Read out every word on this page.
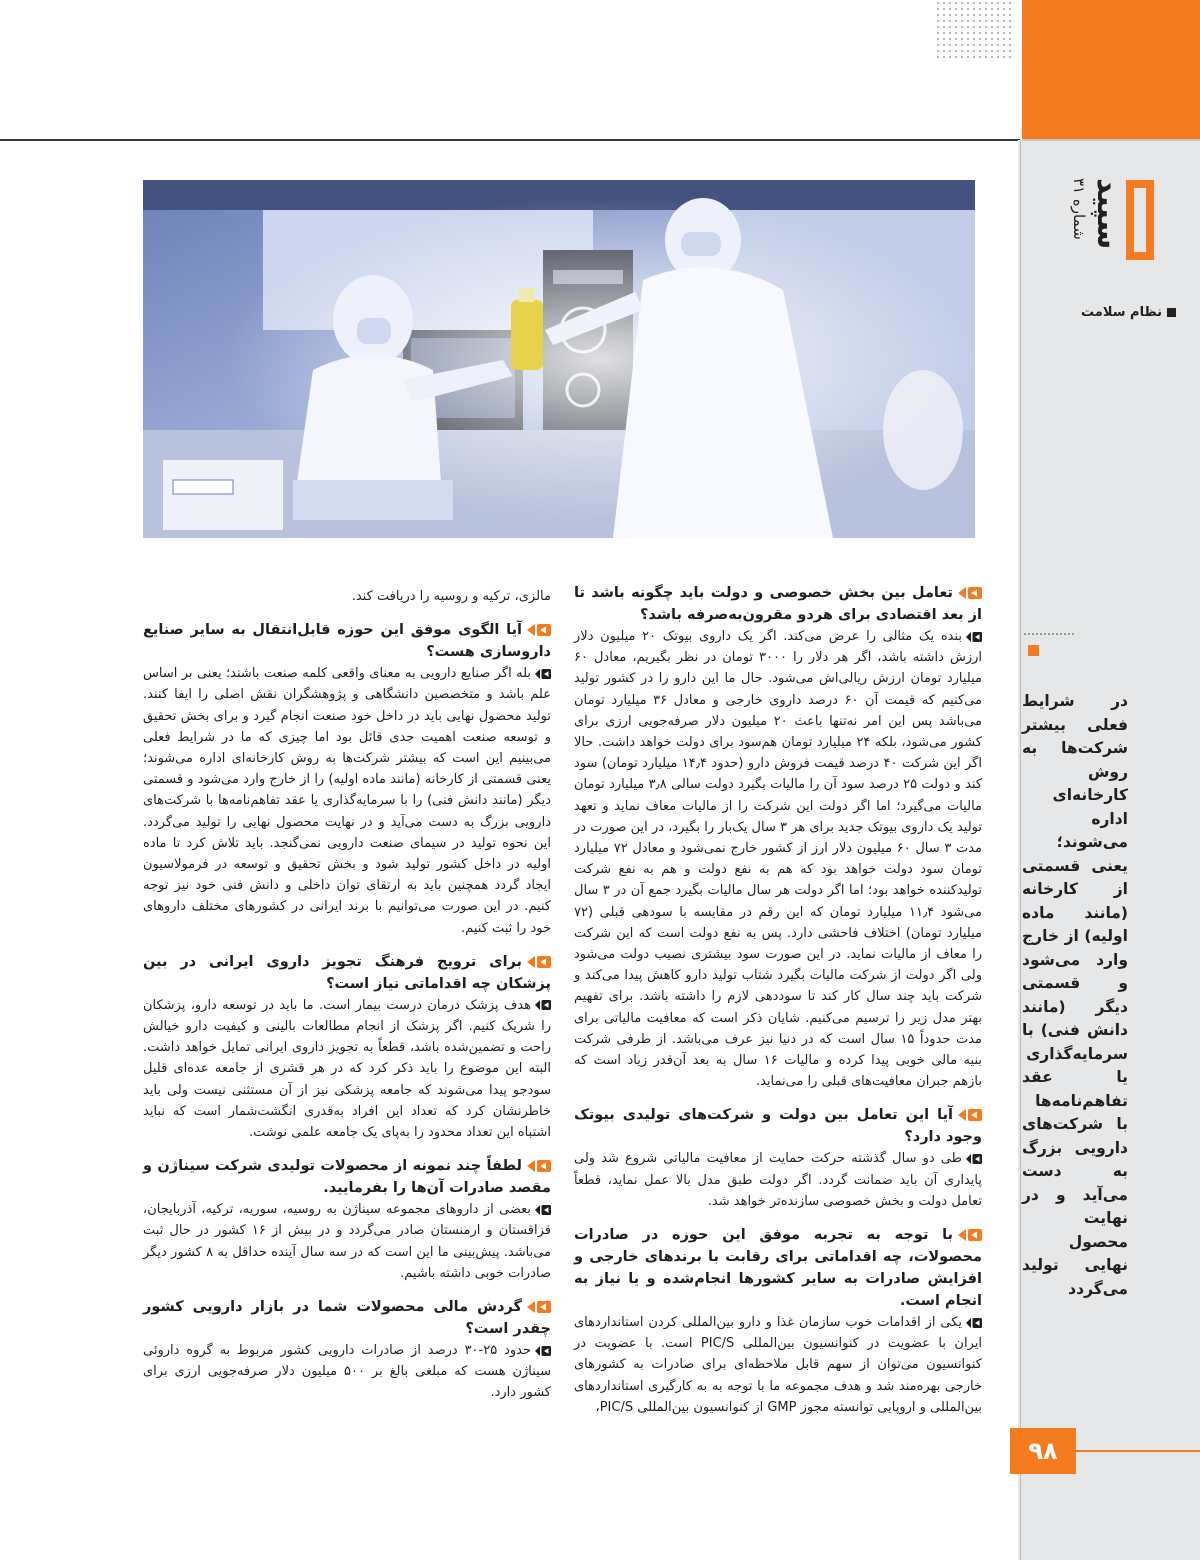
سپید
شماره ۳۱
نظام سلامت
در شرایط فعلی بیشتر شرکت‌ها به روش کارخانه‌ای اداره می‌شوند؛ یعنی قسمتی از کارخانه (مانند ماده اولیه) از خارج وارد می‌شود و قسمتی دیگر (مانند دانش فنی) با سرمایه‌گذاری یا عقد تفاهم‌نامه‌ها با شرکت‌های دارویی بزرگ به دست می‌آید و در نهایت محصول نهایی تولید می‌گردد
تعامل بین بخش خصوصی و دولت باید چگونه باشد تا از بعد اقتصادی برای هردو مقرون‌به‌صرفه باشد؟

بنده یک مثالی را عرض می‌کند. اگر یک داروی بیوتک ۲۰ میلیون دلار ارزش داشته باشد، اگر هر دلار را ۳۰۰۰ تومان در نظر بگیریم، معادل ۶۰ میلیارد تومان ارزش ریالی‌اش می‌شود. حال ما این دارو را در کشور تولید می‌کنیم که قیمت آن ۶۰ درصد داروی خارجی و معادل ۳۶ میلیارد تومان می‌باشد پس این امر نه‌تنها باعث ۲۰ میلیون دلار صرفه‌جویی ارزی برای کشور می‌شود، بلکه ۲۴ میلیارد تومان هم‌سود برای دولت خواهد داشت. حالا اگر این شرکت ۴۰ درصد قیمت فروش دارو (حدود ۱۴٫۴ میلیارد تومان) سود کند و دولت ۲۵ درصد سود آن را مالیات بگیرد دولت سالی ۳٫۸ میلیارد تومان مالیات می‌گیرد؛ اما اگر دولت این شرکت را از مالیات معاف نماید و تعهد تولید یک داروی بیوتک جدید برای هر ۳ سال یک‌بار را بگیرد، در این صورت در مدت ۳ سال ۶۰ میلیون دلار ارز از کشور خارج نمی‌شود و معادل ۷۲ میلیارد تومان سود دولت خواهد بود که هم به نفع دولت و هم به نفع شرکت تولیدکننده خواهد بود؛ اما اگر دولت هر سال مالیات بگیرد جمع آن در ۳ سال می‌شود ۱۱٫۴ میلیارد تومان که این رقم در مقایسه با سودهی قبلی (۷۲ میلیارد تومان) اختلاف فاحشی دارد. پس به نفع دولت است که این شرکت را معاف از مالیات نماید. در این صورت سود بیشتری نصیب دولت می‌شود ولی اگر دولت از شرکت مالیات بگیرد شتاب تولید دارو کاهش پیدا می‌کند و شرکت باید چند سال کار کند تا سوددهی لازم را داشته باشد. برای تفهیم بهتر مدل زیر را ترسیم می‌کنیم. شایان ذکر است که معافیت مالیاتی برای مدت حدوداً ۱۵ سال است که در دنیا نیز عرف می‌باشد. از طرفی شرکت بنیه مالی خوبی پیدا کرده و مالیات ۱۶ سال به بعد آن‌قدر زیاد است که بازهم جبران معافیت‌های قبلی را می‌نماید.

آیا این تعامل بین دولت و شرکت‌های تولیدی بیوتک وجود دارد؟

طی دو سال گذشته حرکت حمایت از معافیت مالیاتی شروع شد ولی پایداری آن باید ضمانت گردد. اگر دولت طبق مدل بالا عمل نماید، قطعاً تعامل دولت و بخش خصوصی سازنده‌تر خواهد شد.

با توجه به تجربه موفق این حوزه در صادرات محصولات، چه اقداماتی برای رقابت با برندهای خارجی و افزایش صادرات به سایر کشورها انجام‌شده و یا نیاز به انجام است.

یکی از اقدامات خوب سازمان غذا و دارو بین‌المللی کردن استانداردهای ایران با عضویت در کنوانسیون بین‌المللی PIC/S است. با عضویت در کنوانسیون می‌توان از سهم قابل ملاحظه‌ای برای صادرات به کشورهای خارجی بهره‌مند شد و هدف مجموعه ما با توجه به به کارگیری استانداردهای بین‌المللی و اروپایی توانسته مجوز GMP از کنوانسیون بین‌المللی PIC/S،

مالزی، ترکیه و روسیه را دریافت کند.

آیا الگوی موفق این حوزه قابل‌انتقال به سایر صنایع داروسازی هست؟

بله اگر صنایع دارویی به معنای واقعی کلمه صنعت باشند؛ یعنی بر اساس علم باشد و متخصصین دانشگاهی و پژوهشگران نقش اصلی را ایفا کنند. تولید محصول نهایی باید در داخل خود صنعت انجام گیرد و برای بخش تحقیق و توسعه صنعت اهمیت جدی قائل بود اما چیزی که ما در شرایط فعلی می‌بینیم این است که بیشتر شرکت‌ها به روش کارخانه‌ای اداره می‌شوند؛ یعنی قسمتی از کارخانه (مانند ماده اولیه) را از خارج وارد می‌شود و قسمتی دیگر (مانند دانش فنی) را با سرمایه‌گذاری یا عقد تفاهم‌نامه‌ها با شرکت‌های دارویی بزرگ به دست می‌آید و در نهایت محصول نهایی را تولید می‌گردد. این نحوه تولید در سیمای صنعت دارویی نمی‌گنجد. باید تلاش کرد تا ماده اولیه در داخل کشور تولید شود و بخش تحقیق و توسعه در فرمولاسیون ایجاد گردد همچنین باید به ارتقای توان داخلی و دانش فنی خود نیز توجه کنیم. در این صورت می‌توانیم با برند ایرانی در کشورهای مختلف داروهای خود را ثبت کنیم.

برای ترویج فرهنگ تجویز داروی ایرانی در بین پزشکان چه اقداماتی نیاز است؟

هدف پزشک درمان درست بیمار است. ما باید در توسعه دارو، پزشکان را شریک کنیم. اگر پزشک از انجام مطالعات بالینی و کیفیت دارو خیالش راحت و تضمین‌شده باشد، قطعاً به تجویز داروی ایرانی تمایل خواهد داشت. البته این موضوع را باید ذکر کرد که در هر قشری از جامعه عده‌ای قلیل سودجو پیدا می‌شوند که جامعه پزشکی نیز از آن مستثنی نیست ولی باید خاطرنشان کرد که تعداد این افراد به‌قدری انگشت‌شمار است که نباید اشتباه این تعداد محدود را به‌پای یک جامعه علمی نوشت.

لطفاً چند نمونه از محصولات تولیدی شرکت سیناژن و مقصد صادرات آن‌ها را بفرمایید.

بعضی از داروهای مجموعه سیناژن به روسیه، سوریه، ترکیه، آذربایجان، قزاقستان و ارمنستان صادر می‌گردد و در بیش از ۱۶ کشور در حال ثبت می‌باشد. پیش‌بینی ما این است که در سه سال آینده حداقل به ۸ کشور دیگر صادرات خوبی داشته باشیم.

گردش مالی محصولات شما در بازار دارویی کشور چقدر است؟

حدود ۲۵-۳۰ درصد از صادرات دارویی کشور مربوط به گروه داروئی سیناژن هست که مبلغی بالغ بر ۵۰۰ میلیون دلار صرفه‌جویی ارزی برای کشور دارد.

۹۸
